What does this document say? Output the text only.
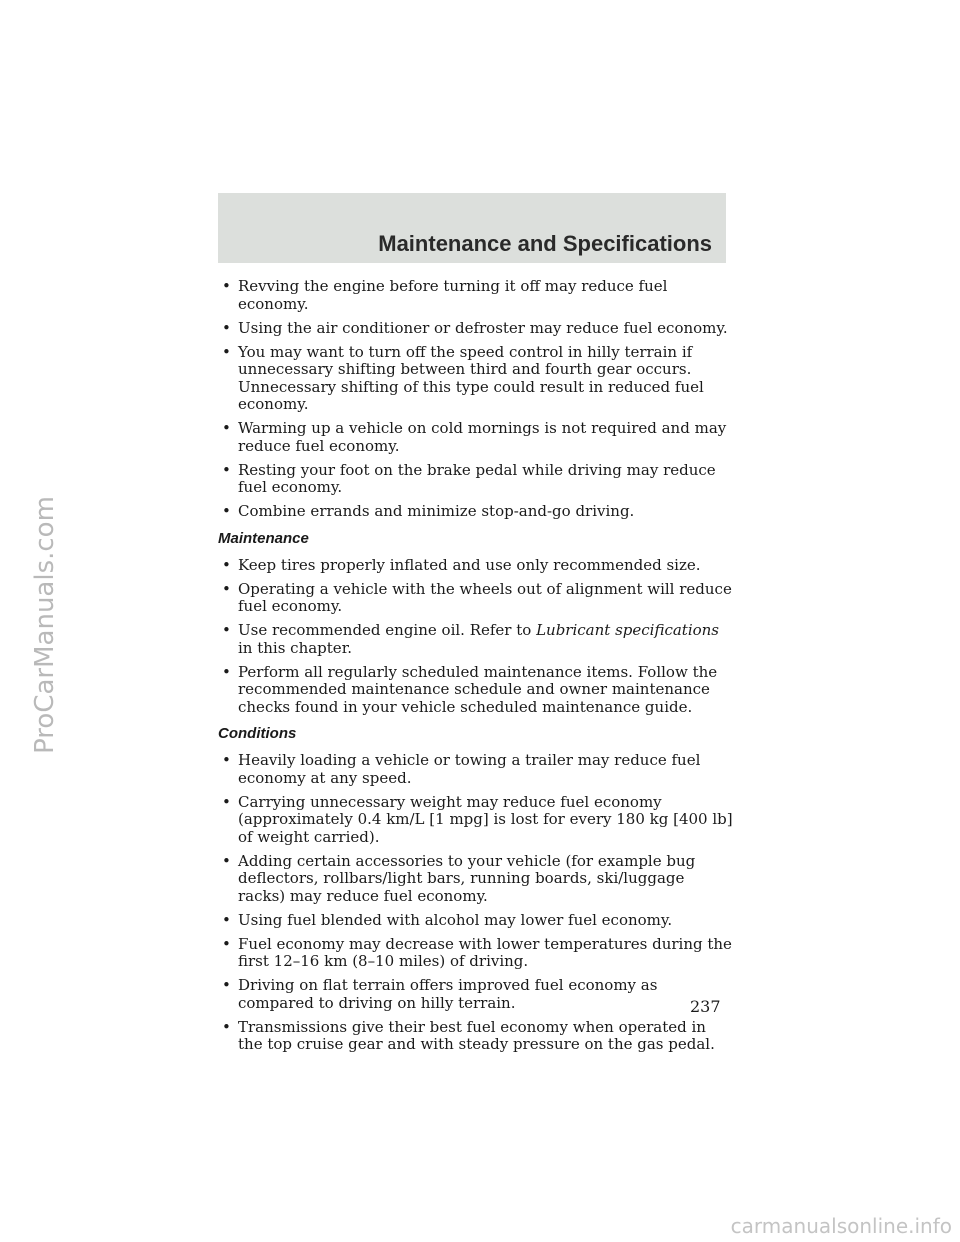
Maintenance and Specifications
• Revving the engine before turning it off may reduce fuel economy.
• Using the air conditioner or defroster may reduce fuel economy.
• You may want to turn off the speed control in hilly terrain if unnecessary shifting between third and fourth gear occurs. Unnecessary shifting of this type could result in reduced fuel economy.
• Warming up a vehicle on cold mornings is not required and may reduce fuel economy.
• Resting your foot on the brake pedal while driving may reduce fuel economy.
• Combine errands and minimize stop-and-go driving.
Maintenance
• Keep tires properly inflated and use only recommended size.
• Operating a vehicle with the wheels out of alignment will reduce fuel economy.
• Use recommended engine oil. Refer to Lubricant specifications in this chapter.
• Perform all regularly scheduled maintenance items. Follow the recommended maintenance schedule and owner maintenance checks found in your vehicle scheduled maintenance guide.
Conditions
• Heavily loading a vehicle or towing a trailer may reduce fuel economy at any speed.
• Carrying unnecessary weight may reduce fuel economy (approximately 0.4 km/L [1 mpg] is lost for every 180 kg [400 lb] of weight carried).
• Adding certain accessories to your vehicle (for example bug deflectors, rollbars/light bars, running boards, ski/luggage racks) may reduce fuel economy.
• Using fuel blended with alcohol may lower fuel economy.
• Fuel economy may decrease with lower temperatures during the first 12–16 km (8–10 miles) of driving.
• Driving on flat terrain offers improved fuel economy as compared to driving on hilly terrain.
• Transmissions give their best fuel economy when operated in the top cruise gear and with steady pressure on the gas pedal.
237
ProCarManuals.com
carmanualsonline.info
